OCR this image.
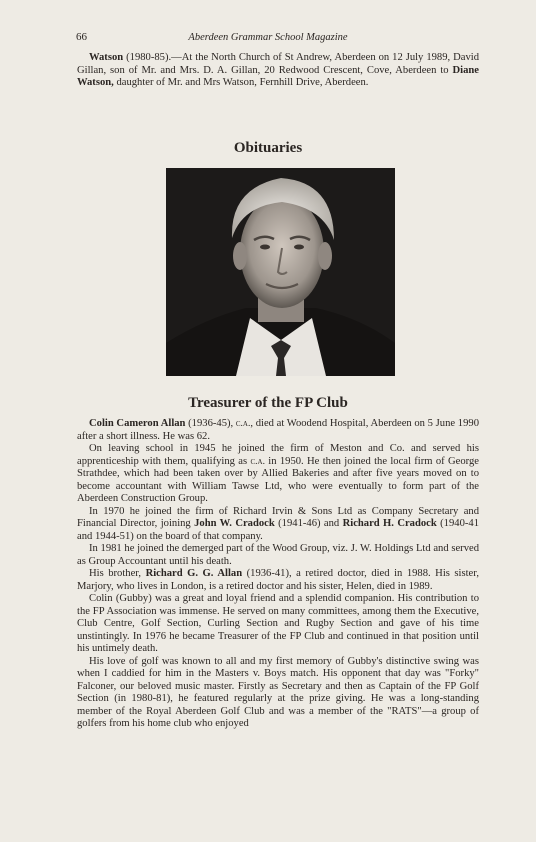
66	Aberdeen Grammar School Magazine

Watson (1980-85).—At the North Church of St Andrew, Aberdeen on 12 July 1989, David Gillan, son of Mr. and Mrs. D. A. Gillan, 20 Redwood Crescent, Cove, Aberdeen to Diane Watson, daughter of Mr. and Mrs Watson, Fernhill Drive, Aberdeen.

Obituaries
Treasurer of the FP Club

Colin Cameron Allan (1936-45), c.a., died at Woodend Hospital, Aberdeen on 5 June 1990 after a short illness. He was 62.

On leaving school in 1945 he joined the firm of Meston and Co. and served his apprenticeship with them, qualifying as c.a. in 1950. He then joined the local firm of George Strathdee, which had been taken over by Allied Bakeries and after five years moved on to become accountant with William Tawse Ltd, who were eventually to form part of the Aberdeen Construction Group.

In 1970 he joined the firm of Richard Irvin & Sons Ltd as Company Secretary and Financial Director, joining John W. Cradock (1941-46) and Richard H. Cradock (1940-41 and 1944-51) on the board of that company.

In 1981 he joined the demerged part of the Wood Group, viz. J. W. Holdings Ltd and served as Group Accountant until his death.

His brother, Richard G. G. Allan (1936-41), a retired doctor, died in 1988. His sister, Marjory, who lives in London, is a retired doctor and his sister, Helen, died in 1989.

Colin (Gubby) was a great and loyal friend and a splendid companion. His contribution to the FP Association was immense. He served on many committees, among them the Executive, Club Centre, Golf Section, Curling Section and Rugby Section and gave of his time unstintingly. In 1976 he became Treasurer of the FP Club and continued in that position until his untimely death.

His love of golf was known to all and my first memory of Gubby's distinctive swing was when I caddied for him in the Masters v. Boys match. His opponent that day was "Forky" Falconer, our beloved music master. Firstly as Secretary and then as Captain of the FP Golf Section (in 1980-81), he featured regularly at the prize giving. He was a long-standing member of the Royal Aberdeen Golf Club and was a member of the "RATS"—a group of golfers from his home club who enjoyed
